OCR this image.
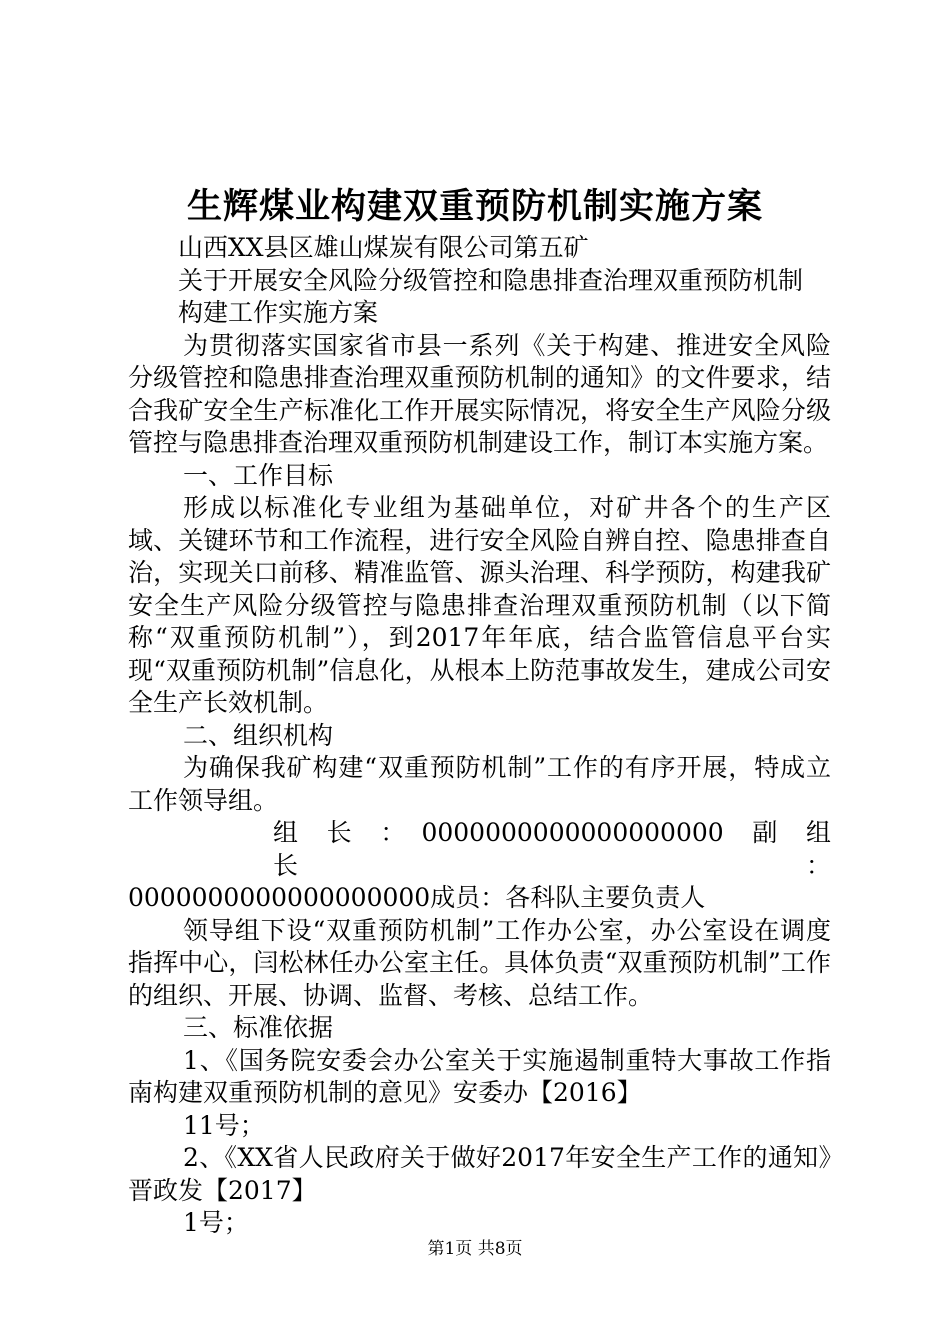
生辉煤业构建双重预防机制实施方案

山西XX县区雄山煤炭有限公司第五矿

关于开展安全风险分级管控和隐患排查治理双重预防机制

构建工作实施方案

为贯彻落实国家省市县一系列《关于构建、推进安全风险分级管控和隐患排查治理双重预防机制的通知》的文件要求，结合我矿安全生产标准化工作开展实际情况，将安全生产风险分级管控与隐患排查治理双重预防机制建设工作，制订本实施方案。

一、工作目标

形成以标准化专业组为基础单位，对矿井各个的生产区域、关键环节和工作流程，进行安全风险自辨自控、隐患排查自治，实现关口前移、精准监管、源头治理、科学预防，构建我矿安全生产风险分级管控与隐患排查治理双重预防机制（以下简称“双重预防机制”），到2017年年底，结合监管信息平台实现“双重预防机制”信息化，从根本上防范事故发生，建成公司安全生产长效机制。

二、组织机构

为确保我矿构建“双重预防机制”工作的有序开展，特成立工作领导组。

组　长　：　0000000000000000000　副　组　长　：

0000000000000000000成员：各科队主要负责人

领导组下设“双重预防机制”工作办公室，办公室设在调度指挥中心，闫松林任办公室主任。具体负责“双重预防机制”工作的组织、开展、协调、监督、考核、总结工作。

三、标准依据

1、《国务院安委会办公室关于实施遏制重特大事故工作指南构建双重预防机制的意见》安委办【2016】

11号；

2、《XX省人民政府关于做好2017年安全生产工作的通知》晋政发【2017】

1号；

第1页 共8页
